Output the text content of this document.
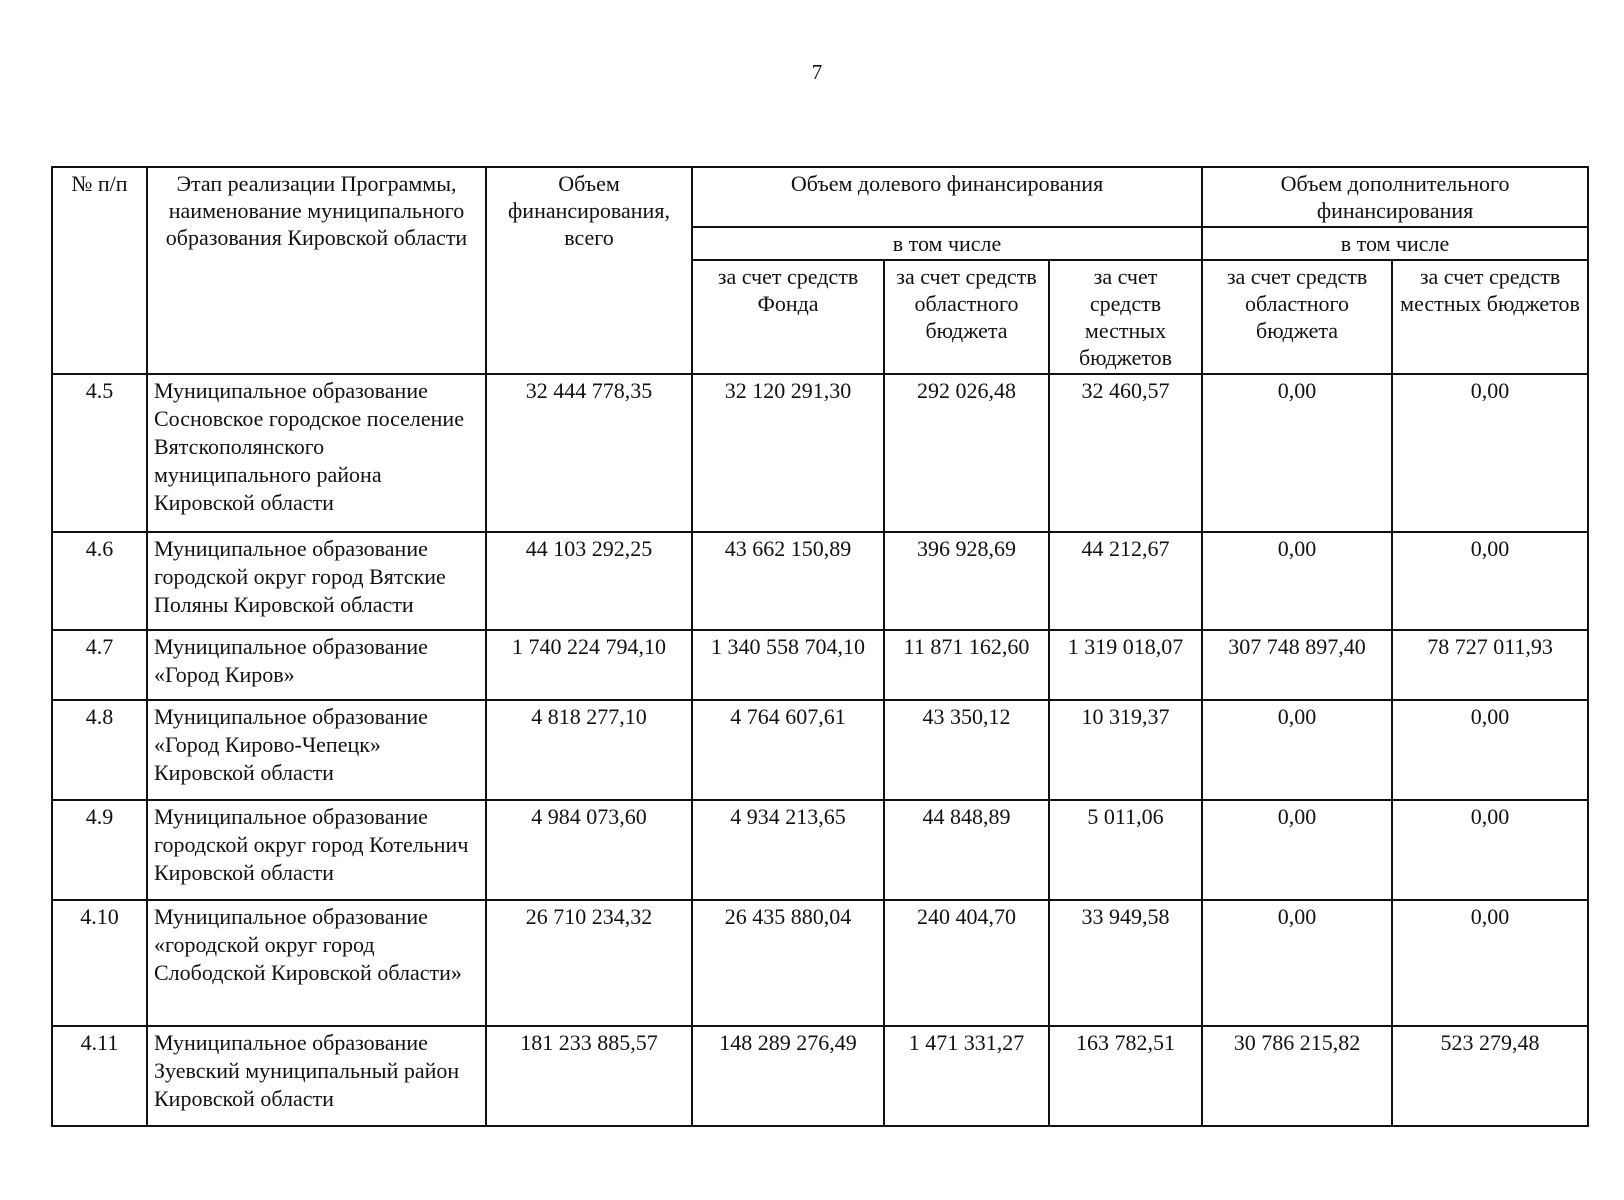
7
№ п/п	Этап реализации Программы, наименование муниципального образования Кировской области	Объем финансирования, всего	Объем долевого финансирования			Объем дополнительного финансирования	
			в том числе			в том числе	
			за счет средств Фонда	за счет средств областного бюджета	за счет средств местных бюджетов	за счет средств областного бюджета	за счет средств местных бюджетов
4.5	Муниципальное образование Сосновское городское поселение Вятскополянского муниципального района Кировской области	32 444 778,35	32 120 291,30	292 026,48	32 460,57	0,00	0,00
4.6	Муниципальное образование городской округ город Вятские Поляны Кировской области	44 103 292,25	43 662 150,89	396 928,69	44 212,67	0,00	0,00
4.7	Муниципальное образование «Город Киров»	1 740 224 794,10	1 340 558 704,10	11 871 162,60	1 319 018,07	307 748 897,40	78 727 011,93
4.8	Муниципальное образование «Город Кирово-Чепецк» Кировской области	4 818 277,10	4 764 607,61	43 350,12	10 319,37	0,00	0,00
4.9	Муниципальное образование городской округ город Котельнич Кировской области	4 984 073,60	4 934 213,65	44 848,89	5 011,06	0,00	0,00
4.10	Муниципальное образование «городской округ город Слободской Кировской области»	26 710 234,32	26 435 880,04	240 404,70	33 949,58	0,00	0,00
4.11	Муниципальное образование Зуевский муниципальный район Кировской области	181 233 885,57	148 289 276,49	1 471 331,27	163 782,51	30 786 215,82	523 279,48
